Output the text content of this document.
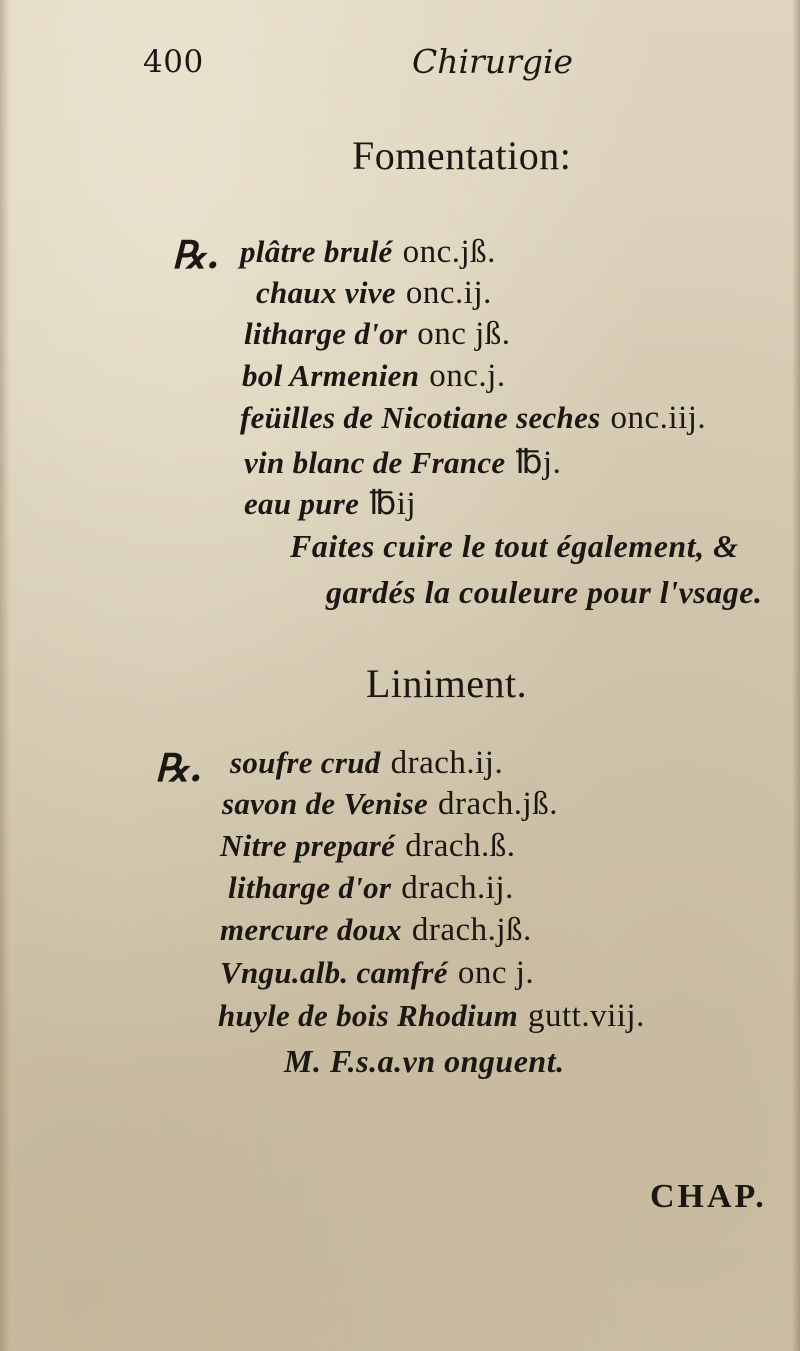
400	Chirurgie
Fomentation:
℞. plâtre brulé onc.jß.
chaux vive onc.ij.
litharge d'or onc jß.
bol Armenien onc.j.
feüilles de Nicotiane seches onc.iij.
vin blanc de France ℔j.
eau pure ℔ij
Faites cuire le tout également, &
gardés la couleure pour l'vsage.
Liniment.
℞. soufre crud drach.ij.
savon de Venise drach.jß.
Nitre preparé drach.ß.
litharge d'or drach.ij.
mercure doux drach.jß.
Vngu.alb. camfré onc j.
huyle de bois Rhodium gutt.viij.
M. F.s.a.vn onguent.
CHAP.
